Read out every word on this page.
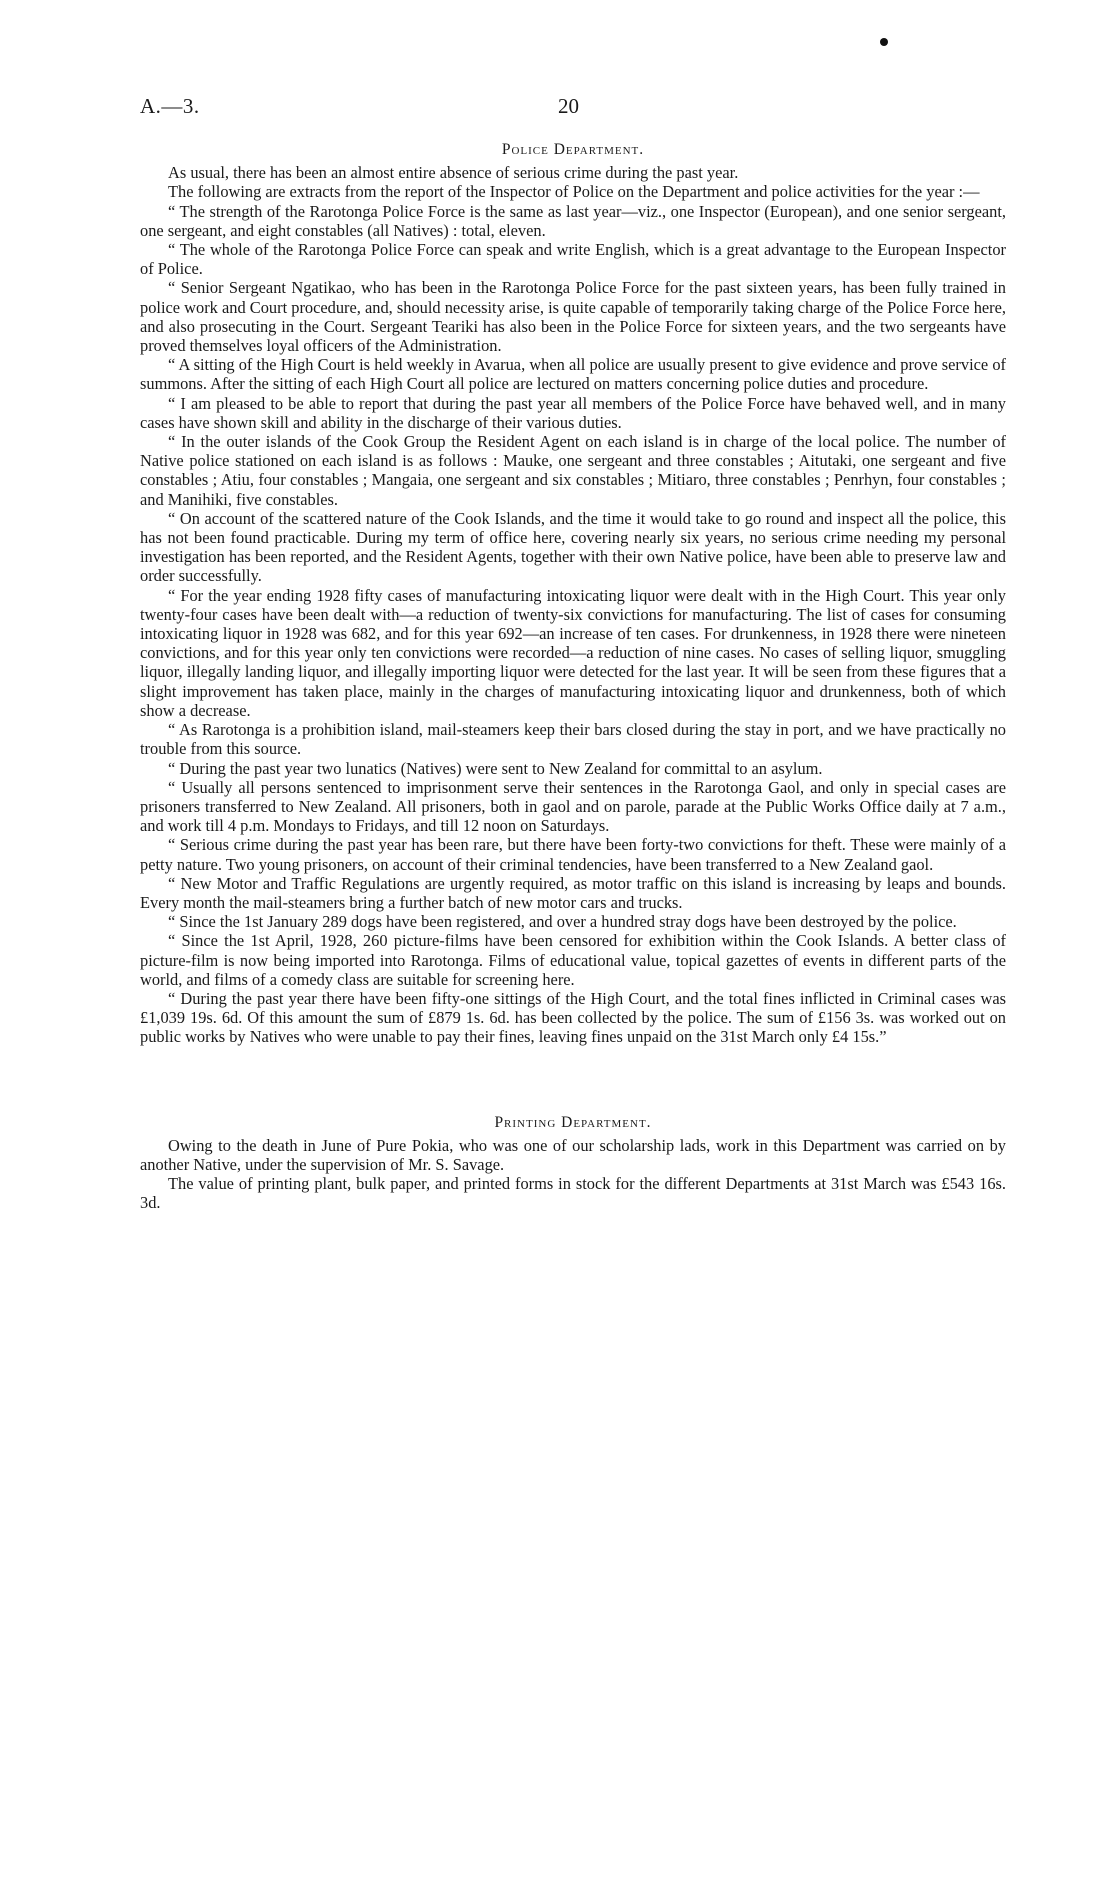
A.—3.	20
Police Department.

As usual, there has been an almost entire absence of serious crime during the past year.

The following are extracts from the report of the Inspector of Police on the Department and police activities for the year :—

“ The strength of the Rarotonga Police Force is the same as last year—viz., one Inspector (European), and one senior sergeant, one sergeant, and eight constables (all Natives) : total, eleven.

“ The whole of the Rarotonga Police Force can speak and write English, which is a great advantage to the European Inspector of Police.

“ Senior Sergeant Ngatikao, who has been in the Rarotonga Police Force for the past sixteen years, has been fully trained in police work and Court procedure, and, should necessity arise, is quite capable of temporarily taking charge of the Police Force here, and also prosecuting in the Court. Sergeant Teariki has also been in the Police Force for sixteen years, and the two sergeants have proved themselves loyal officers of the Administration.

“ A sitting of the High Court is held weekly in Avarua, when all police are usually present to give evidence and prove service of summons. After the sitting of each High Court all police are lectured on matters concerning police duties and procedure.

“ I am pleased to be able to report that during the past year all members of the Police Force have behaved well, and in many cases have shown skill and ability in the discharge of their various duties.

“ In the outer islands of the Cook Group the Resident Agent on each island is in charge of the local police. The number of Native police stationed on each island is as follows : Mauke, one sergeant and three constables ; Aitutaki, one sergeant and five constables ; Atiu, four constables ; Mangaia, one sergeant and six constables ; Mitiaro, three constables ; Penrhyn, four constables ; and Manihiki, five constables.

“ On account of the scattered nature of the Cook Islands, and the time it would take to go round and inspect all the police, this has not been found practicable. During my term of office here, covering nearly six years, no serious crime needing my personal investigation has been reported, and the Resident Agents, together with their own Native police, have been able to preserve law and order successfully.

“ For the year ending 1928 fifty cases of manufacturing intoxicating liquor were dealt with in the High Court. This year only twenty-four cases have been dealt with—a reduction of twenty-six convictions for manufacturing. The list of cases for consuming intoxicating liquor in 1928 was 682, and for this year 692—an increase of ten cases. For drunkenness, in 1928 there were nineteen convictions, and for this year only ten convictions were recorded—a reduction of nine cases. No cases of selling liquor, smuggling liquor, illegally landing liquor, and illegally importing liquor were detected for the last year. It will be seen from these figures that a slight improvement has taken place, mainly in the charges of manufacturing intoxicating liquor and drunkenness, both of which show a decrease.

“ As Rarotonga is a prohibition island, mail-steamers keep their bars closed during the stay in port, and we have practically no trouble from this source.

“ During the past year two lunatics (Natives) were sent to New Zealand for committal to an asylum.

“ Usually all persons sentenced to imprisonment serve their sentences in the Rarotonga Gaol, and only in special cases are prisoners transferred to New Zealand. All prisoners, both in gaol and on parole, parade at the Public Works Office daily at 7 a.m., and work till 4 p.m. Mondays to Fridays, and till 12 noon on Saturdays.

“ Serious crime during the past year has been rare, but there have been forty-two convictions for theft. These were mainly of a petty nature. Two young prisoners, on account of their criminal tendencies, have been transferred to a New Zealand gaol.

“ New Motor and Traffic Regulations are urgently required, as motor traffic on this island is increasing by leaps and bounds. Every month the mail-steamers bring a further batch of new motor cars and trucks.

“ Since the 1st January 289 dogs have been registered, and over a hundred stray dogs have been destroyed by the police.

“ Since the 1st April, 1928, 260 picture-films have been censored for exhibition within the Cook Islands. A better class of picture-film is now being imported into Rarotonga. Films of educational value, topical gazettes of events in different parts of the world, and films of a comedy class are suitable for screening here.

“ During the past year there have been fifty-one sittings of the High Court, and the total fines inflicted in Criminal cases was £1,039 19s. 6d. Of this amount the sum of £879 1s. 6d. has been collected by the police. The sum of £156 3s. was worked out on public works by Natives who were unable to pay their fines, leaving fines unpaid on the 31st March only £4 15s.”

Printing Department.

Owing to the death in June of Pure Pokia, who was one of our scholarship lads, work in this Department was carried on by another Native, under the supervision of Mr. S. Savage.

The value of printing plant, bulk paper, and printed forms in stock for the different Departments at 31st March was £543 16s. 3d.
